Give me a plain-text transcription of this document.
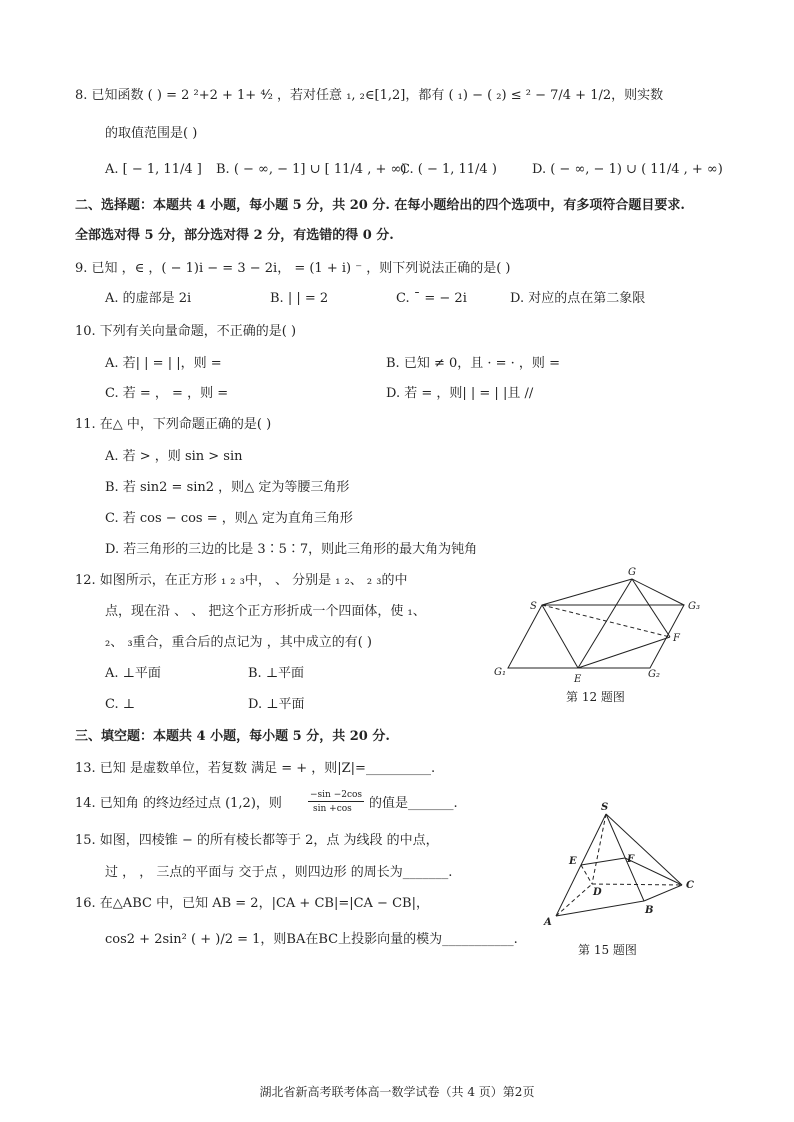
8. 已知函数 ( ) = 2 ²+2 + 1+ ⁴⁄₂ ，若对任意 ₁, ₂∈[1,2]，都有 ( ₁) − ( ₂) ≤ ² − 7/4 + 1/2，则实数
的取值范围是( )
A. [ − 1, 11/4 ] B. ( − ∞, − 1] ∪ [ 11/4 , + ∞)
C. ( − 1, 11/4 )	D. ( − ∞, − 1) ∪ ( 11/4 , + ∞)
二、选择题：本题共 4 小题，每小题 5 分，共 20 分. 在每小题给出的四个选项中，有多项符合题目要求.
全部选对得 5 分，部分选对得 2 分，有选错的得 0 分.
9. 已知 ，∈ ，( − 1)i − = 3 − 2i， = (1 + i) ⁻ ，则下列说法正确的是( )
A. 的虚部是 2i	B. | | = 2	C. ¯ = − 2i	D. 对应的点在第二象限
10. 下列有关向量命题，不正确的是( )
A. 若| | = | |，则 =	B. 已知 ≠ 0，且 · = · ，则 =
C. 若 = ， = ，则 =	D. 若 = ，则| | = | |且 //
11. 在△ 中，下列命题正确的是( )
A. 若 > ，则 sin > sin
B. 若 sin2 = sin2 ，则△ 定为等腰三角形
C. 若 cos − cos = ，则△ 定为直角三角形
D. 若三角形的三边的比是 3∶5∶7，则此三角形的最大角为钝角
12. 如图所示，在正方形 ₁ ₂ ₃中， 、 分别是 ₁ ₂、 ₂ ₃的中
点，现在沿 、 、 把这个正方形折成一个四面体，使 ₁、
₂、 ₃重合，重合后的点记为 ，其中成立的有( )
A. ⊥平面	B. ⊥平面
C. ⊥	D. ⊥平面
G
S	G₃
F
G₁
E	G₂
第 12 题图
三、填空题：本题共 4 小题，每小题 5 分，共 20 分.
13. 已知 是虚数单位，若复数 满足 = + ，则|Z|=__________.
14. 已知角 的终边经过点 (1,2)，则
−sin −2cos
sin +cos 的值是_______.
15. 如图，四棱锥 − 的所有棱长都等于 2，点 为线段 的中点，
过 ， ， 三点的平面与 交于点 ，则四边形 的周长为_______.
S
E	F
C
D
A
B
第 15 题图
16. 在△ABC 中，已知 AB = 2，|CA + CB|=|CA − CB|，
cos2 + 2sin² ( + )/2 = 1，则BA在BC上投影向量的模为___________.
湖北省新高考联考体高一数学试卷（共 4 页）第2页
